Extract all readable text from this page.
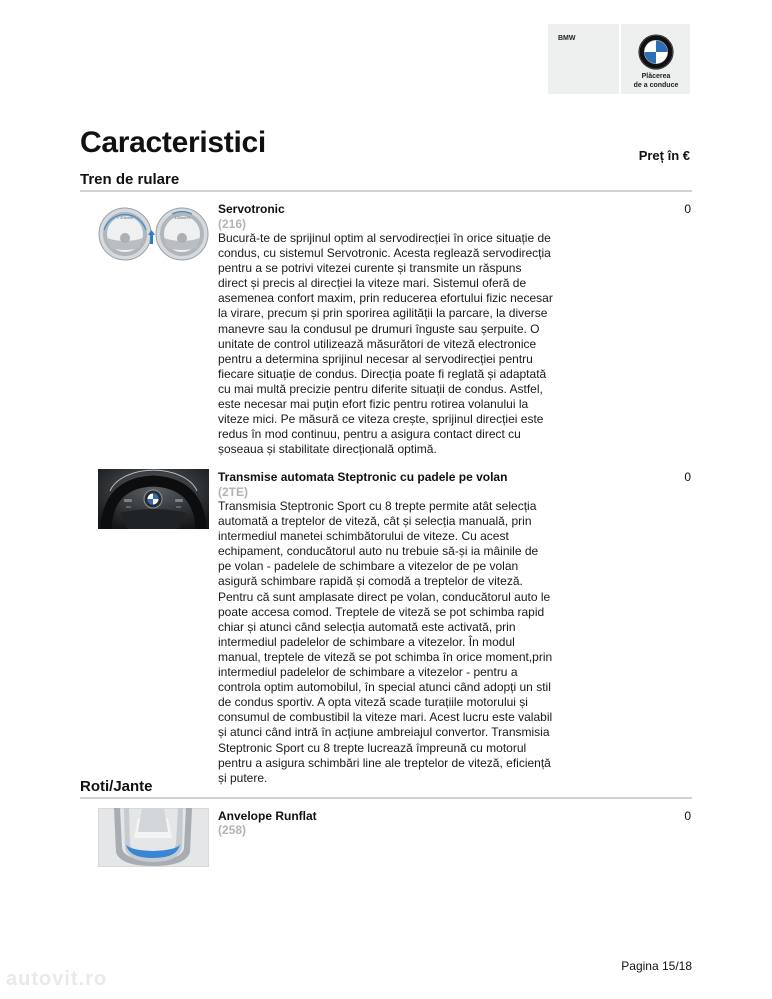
BMW
Plăcerea
de a conduce
Caracteristici	Preț în €
Tren de rulare
< 20km/h	130km/h
Servotronic
(216)
Bucură-te de sprijinul optim al servodirecției în orice situație de condus, cu sistemul Servotronic. Acesta reglează servodirecția pentru a se potrivi vitezei curente și transmite un răspuns direct și precis al direcției la viteze mari. Sistemul oferă de asemenea confort maxim, prin reducerea efortului fizic necesar la virare, precum și prin sporirea agilității la parcare, la diverse manevre sau la condusul pe drumuri înguste sau șerpuite. O unitate de control utilizează măsurători de viteză electronice pentru a determina sprijinul necesar al servodirecției pentru fiecare situație de condus. Direcția poate fi reglată și adaptată cu mai multă precizie pentru diferite situații de condus. Astfel, este necesar mai puțin efort fizic pentru rotirea volanului la viteze mici. Pe măsură ce viteza crește, sprijinul direcției este redus în mod continuu, pentru a asigura contact direct cu șoseaua și stabilitate direcțională optimă.
0
Transmise automata Steptronic cu padele pe volan
(2TE)
Transmisia Steptronic Sport cu 8 trepte permite atât selecția automată a treptelor de viteză, cât și selecția manuală, prin intermediul manetei schimbătorului de viteze. Cu acest echipament, conducătorul auto nu trebuie să-și ia mâinile de pe volan - padelele de schimbare a vitezelor de pe volan asigură schimbare rapidă și comodă a treptelor de viteză. Pentru că sunt amplasate direct pe volan, conducătorul auto le poate accesa comod. Treptele de viteză se pot schimba rapid chiar și atunci când selecția automată este activată, prin intermediul padelelor de schimbare a vitezelor. În modul manual, treptele de viteză se pot schimba în orice moment,prin intermediul padelelor de schimbare a vitezelor - pentru a controla optim automobilul, în special atunci când adopți un stil de condus sportiv. A opta viteză scade turațiile motorului și consumul de combustibil la viteze mari. Acest lucru este valabil și atunci când intră în acțiune ambreiajul convertor. Transmisia Steptronic Sport cu 8 trepte lucrează împreună cu motorul pentru a asigura schimbări line ale treptelor de viteză, eficiență și putere.
0
Roti/Jante
Anvelope Runflat
(258)
0
Pagina 15/18
autovit.ro
